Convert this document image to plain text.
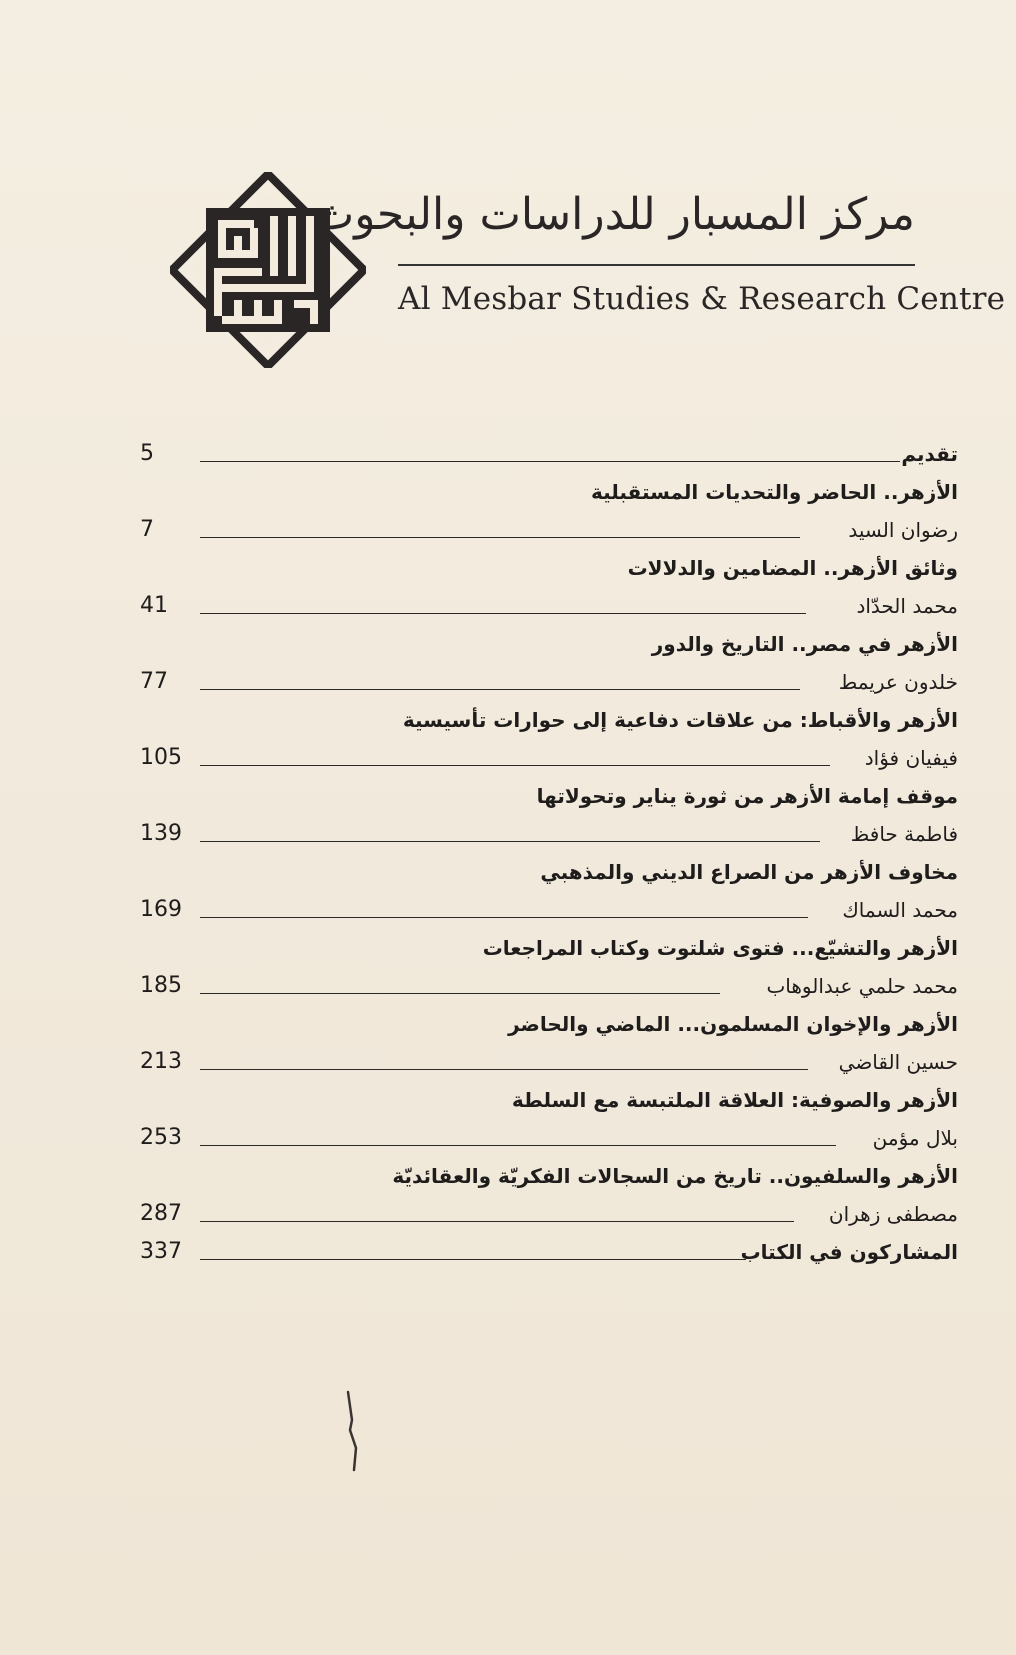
مركز المسبار للدراسات والبحوث
Al Mesbar Studies & Research Centre
5	تقديم
الأزهر.. الحاضر والتحديات المستقبلية
7	رضوان السيد
وثائق الأزهر.. المضامين والدلالات
41	محمد الحدّاد
الأزهر في مصر.. التاريخ والدور
77	خلدون عريمط
الأزهر والأقباط: من علاقات دفاعية إلى حوارات تأسيسية
105	فيفيان فؤاد
موقف إمامة الأزهر من ثورة يناير وتحولاتها
139	فاطمة حافظ
مخاوف الأزهر من الصراع الديني والمذهبي
169	محمد السماك
الأزهر والتشيّع... فتوى شلتوت وكتاب المراجعات
185	محمد حلمي عبدالوهاب
الأزهر والإخوان المسلمون... الماضي والحاضر
213	حسين القاضي
الأزهر والصوفية: العلاقة الملتبسة مع السلطة
253	بلال مؤمن
الأزهر والسلفيون.. تاريخ من السجالات الفكريّة والعقائديّة
287	مصطفى زهران
337	المشاركون في الكتاب
